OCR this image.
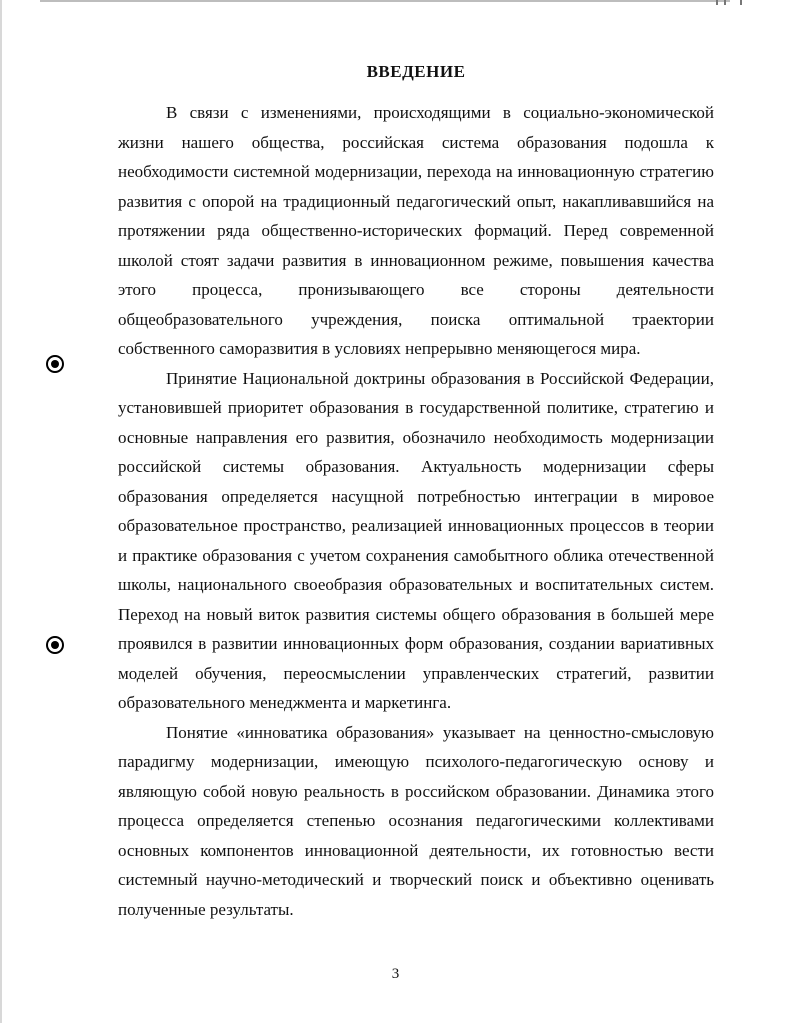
ВВЕДЕНИЕ

В связи с изменениями, происходящими в социально-экономической жизни нашего общества, российская система образования подошла к необходимости системной модернизации, перехода на инновационную стратегию развития с опорой на традиционный педагогический опыт, накапливавшийся на протяжении ряда общественно-исторических формаций. Перед современной школой стоят задачи развития в инновационном режиме, повышения качества этого процесса, пронизывающего все стороны деятельности общеобразовательного учреждения, поиска оптимальной траектории собственного саморазвития в условиях непрерывно меняющегося мира.

Принятие Национальной доктрины образования в Российской Федерации, установившей приоритет образования в государственной политике, стратегию и основные направления его развития, обозначило необходимость модернизации российской системы образования. Актуальность модернизации сферы образования определяется насущной потребностью интеграции в мировое образовательное пространство, реализацией инновационных процессов в теории и практике образования с учетом сохранения самобытного облика отечественной школы, национального своеобразия образовательных и воспитательных систем. Переход на новый виток развития системы общего образования в большей мере проявился в развитии инновационных форм образования, создании вариативных моделей обучения, переосмыслении управленческих стратегий, развитии образовательного менеджмента и маркетинга.

Понятие «инноватика образования» указывает на ценностно-смысловую парадигму модернизации, имеющую психолого-педагогическую основу и являющую собой новую реальность в российском образовании. Динамика этого процесса определяется степенью осознания педагогическими коллективами основных компонентов инновационной деятельности, их готовностью вести системный научно-методический и творческий поиск и объективно оценивать полученные результаты.

3
